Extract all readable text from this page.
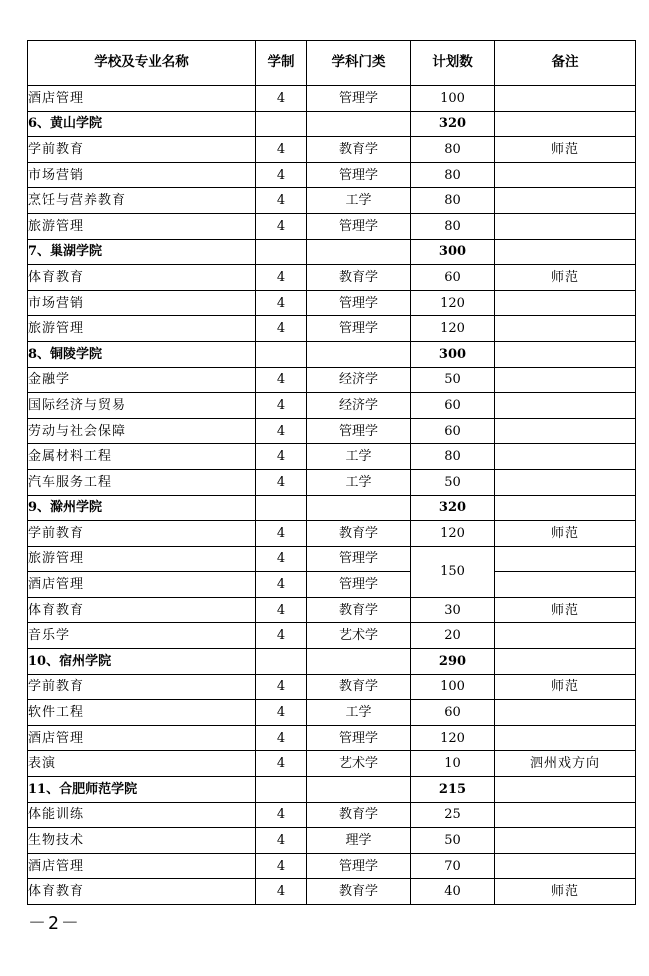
学校及专业名称	学制	学科门类	计划数	备注
酒店管理	4	管理学	100	
6、黄山学院			320	
学前教育	4	教育学	80	师范
市场营销	4	管理学	80	
烹饪与营养教育	4	工学	80	
旅游管理	4	管理学	80	
7、巢湖学院			300	
体育教育	4	教育学	60	师范
市场营销	4	管理学	120	
旅游管理	4	管理学	120	
8、铜陵学院			300	
金融学	4	经济学	50	
国际经济与贸易	4	经济学	60	
劳动与社会保障	4	管理学	60	
金属材料工程	4	工学	80	
汽车服务工程	4	工学	50	
9、滁州学院			320	
学前教育	4	教育学	120	师范
旅游管理	4	管理学	150	
酒店管理	4	管理学		
体育教育	4	教育学	30	师范
音乐学	4	艺术学	20	
10、宿州学院			290	
学前教育	4	教育学	100	师范
软件工程	4	工学	60	
酒店管理	4	管理学	120	
表演	4	艺术学	10	泗州戏方向
11、合肥师范学院			215	
体能训练	4	教育学	25	
生物技术	4	理学	50	
酒店管理	4	管理学	70	
体育教育	4	教育学	40	师范
－2－
